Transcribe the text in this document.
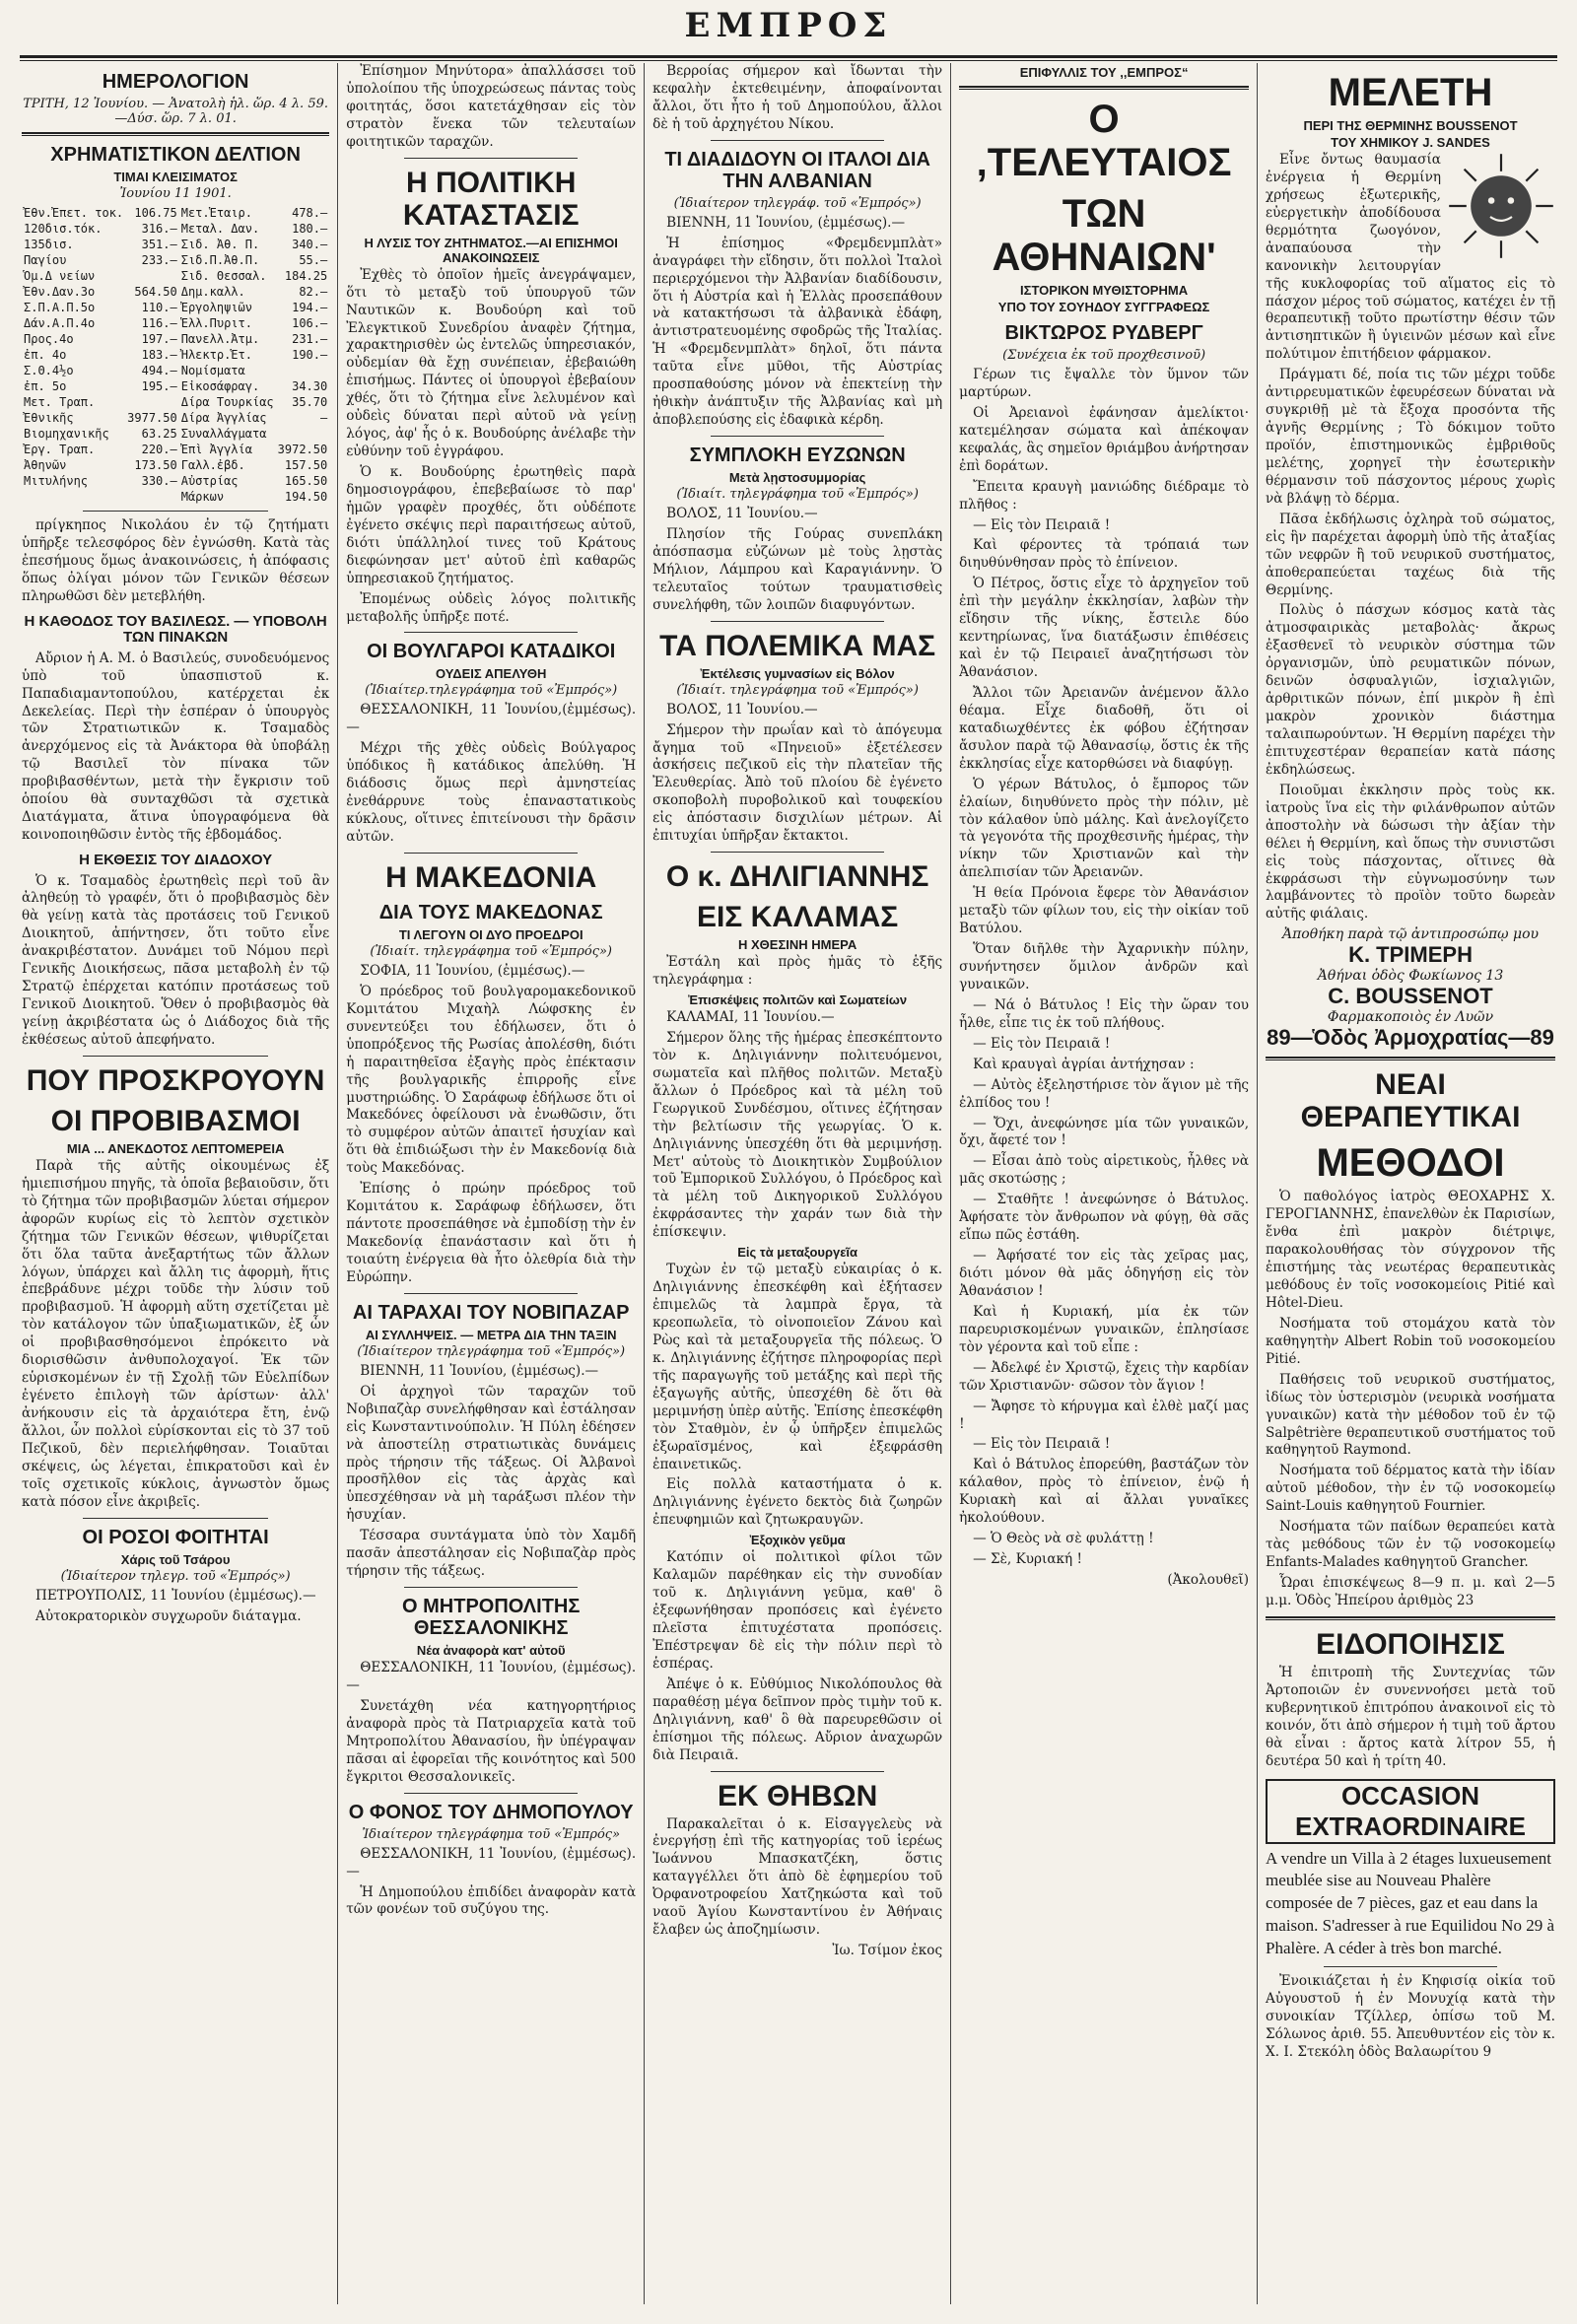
ΕΜΠΡΟΣ
ΗΜΕΡΟΛΟΓΙΟΝ
ΤΡΙΤΗ, 12 Ἰουνίου. — Ἀνατολὴ ἡλ. ὥρ. 4 λ. 59.—Δύσ. ὥρ. 7 λ. 01.
ΧΡΗΜΑΤΙΣΤΙΚΟΝ ΔΕΛΤΙΟΝ
ΤΙΜΑΙ ΚΛΕΙΣΙΜΑΤΟΣ
Ἰουνίου 11 1901.
Ἐθν.Ἐπετ. τοκ.	106.75	Μετ.Ἑταιρ.	478.—
120δισ.τόκ.	316.—	Μεταλ. Δαν.	180.—
135δισ.	351.—	Σιδ. Ἀθ. Π.	340.—
Παγίου	233.—	Σιδ.Π.Ἀθ.Π.	55.—
Ὁμ.Δ νείων		Σιδ. Θεσσαλ.	184.25
Ἐθν.Δαν.3ο	564.50	Δημ.καλλ.	82.—
Σ.Π.Α.Π.5ο	110.—	Ἐργοληψιῶν	194.—
Δάν.Α.Π.4ο	116.—	Ἑλλ.Πυριτ.	106.—
Προς.4ο	197.—	Πανελλ.Ἀτμ.	231.—
ἐπ. 4ο	183.—	Ἠλεκτρ.Ἑτ.	190.—
Σ.Θ.4½ο	494.—	Νομίσματα	
ἐπ. 5ο	195.—	Εἰκοσάφραγ.	34.30
Μετ. Τραπ.		Δίρα Τουρκίας	35.70
Ἐθνικῆς	3977.50	Δίρα Ἀγγλίας	—
Βιομηχανικῆς	63.25	Συναλλάγματα	
Ἐργ. Τραπ.	220.—	Ἐπὶ Ἀγγλία	3972.50
Ἀθηνῶν	173.50	Γαλλ.ἐβδ.	157.50
Μιτυλήνης	330.—	Αὐστρίας	165.50
		Μάρκων	194.50

πρίγκηπος Νικολάου ἐν τῷ ζητήματι ὑπῆρξε τελεσφόρος δὲν ἐγνώσθη. Κατὰ τὰς ἐπεσήμους ὅμως ἀνακοινώσεις, ἡ ἀπόφασις ὅπως ὀλίγαι μόνον τῶν Γενικῶν θέσεων πληρωθῶσι δὲν μετεβλήθη.

Η ΚΑΘΟΔΟΣ ΤΟΥ ΒΑΣΙΛΕΩΣ. — ΥΠΟΒΟΛΗ ΤΩΝ ΠΙΝΑΚΩΝ

Αὔριον ἡ Α. Μ. ὁ Βασιλεύς, συνοδευόμενος ὑπὸ τοῦ ὑπασπιστοῦ κ. Παπαδιαμαντοπούλου, κατέρχεται ἐκ Δεκελείας. Περὶ τὴν ἑσπέραν ὁ ὑπουργὸς τῶν Στρατιωτικῶν κ. Τσαμαδὸς ἀνερχόμενος εἰς τὰ Ἀνάκτορα θὰ ὑποβάλῃ τῷ Βασιλεῖ τὸν πίνακα τῶν προβιβασθέντων, μετὰ τὴν ἔγκρισιν τοῦ ὁποίου θὰ συνταχθῶσι τὰ σχετικὰ Διατάγματα, ἅτινα ὑπογραφόμενα θὰ κοινοποιηθῶσιν ἐντὸς τῆς ἑβδομάδος.

Η ΕΚΘΕΣΙΣ ΤΟΥ ΔΙΑΔΟΧΟΥ

Ὁ κ. Τσαμαδὸς ἐρωτηθεὶς περὶ τοῦ ἂν ἀληθεύῃ τὸ γραφέν, ὅτι ὁ προβιβασμὸς δὲν θὰ γείνῃ κατὰ τὰς προτάσεις τοῦ Γενικοῦ Διοικητοῦ, ἀπήντησεν, ὅτι τοῦτο εἶνε ἀνακριβέστατον. Δυνάμει τοῦ Νόμου περὶ Γενικῆς Διοικήσεως, πᾶσα μεταβολὴ ἐν τῷ Στρατῷ ἐπέρχεται κατόπιν προτάσεως τοῦ Γενικοῦ Διοικητοῦ. Ὅθεν ὁ προβιβασμὸς θὰ γείνῃ ἀκριβέστατα ὡς ὁ Διάδοχος διὰ τῆς ἐκθέσεως αὐτοῦ ἀπεφήνατο.

ΠΟΥ ΠΡΟΣΚΡΟΥΟΥΝ
ΟΙ ΠΡΟΒΙΒΑΣΜΟΙ
ΜΙΑ ... ΑΝΕΚΔΟΤΟΣ ΛΕΠΤΟΜΕΡΕΙΑ

Παρὰ τῆς αὐτῆς οἰκουμένως ἐξ ἡμιεπισήμου πηγῆς, τὰ ὁποῖα βεβαιοῦσιν, ὅτι τὸ ζήτημα τῶν προβιβασμῶν λύεται σήμερον ἀφορῶν κυρίως εἰς τὸ λεπτὸν σχετικὸν ζήτημα τῶν Γενικῶν θέσεων, ψιθυρίζεται ὅτι ὅλα ταῦτα ἀνεξαρτήτως τῶν ἄλλων λόγων, ὑπάρχει καὶ ἄλλη τις ἀφορμὴ, ἥτις ἐπεβράδυνε μέχρι τοῦδε τὴν λύσιν τοῦ προβιβασμοῦ. Ἡ ἀφορμὴ αὕτη σχετίζεται μὲ τὸν κατάλογον τῶν ὑπαξιωματικῶν, ἐξ ὧν οἱ προβιβασθησόμενοι ἐπρόκειτο νὰ διορισθῶσιν ἀνθυπολοχαγοί. Ἐκ τῶν εὑρισκομένων ἐν τῇ Σχολῇ τῶν Εὐελπίδων ἐγένετο ἐπιλογὴ τῶν ἀρίστων· ἀλλ' ἀνήκουσιν εἰς τὰ ἀρχαιότερα ἔτη, ἐνῷ ἄλλοι, ὧν πολλοὶ εὑρίσκονται εἰς τὸ 37 τοῦ Πεζικοῦ, δὲν περιελήφθησαν. Τοιαῦται σκέψεις, ὡς λέγεται, ἐπικρατοῦσι καὶ ἐν τοῖς σχετικοῖς κύκλοις, ἀγνωστὸν ὅμως κατὰ πόσον εἶνε ἀκριβεῖς.

ΟΙ ΡΟΣΟΙ ΦΟΙΤΗΤΑΙ
Χάρις τοῦ Τσάρου
(Ἰδιαίτερον τηλεγρ. τοῦ «Ἐμπρός»)

ΠΕΤΡΟΥΠΟΛΙΣ, 11 Ἰουνίου (ἐμμέσως).—

Αὐτοκρατορικὸν συγχωροῦν διάταγμα.

Ἐπίσημον Μηνύτορα» ἀπαλλάσσει τοῦ ὑπολοίπου τῆς ὑποχρεώσεως πάντας τοὺς φοιτητάς, ὅσοι κατετάχθησαν εἰς τὸν στρατὸν ἕνεκα τῶν τελευταίων φοιτητικῶν ταραχῶν.

Η ΠΟΛΙΤΙΚΗ ΚΑΤΑΣΤΑΣΙΣ
Η ΛΥΣΙΣ ΤΟΥ ΖΗΤΗΜΑΤΟΣ.—ΑΙ ΕΠΙΣΗΜΟΙ ΑΝΑΚΟΙΝΩΣΕΙΣ

Ἐχθὲς τὸ ὁποῖον ἡμεῖς ἀνεγράψαμεν, ὅτι τὸ μεταξὺ τοῦ ὑπουργοῦ τῶν Ναυτικῶν κ. Βουδούρη καὶ τοῦ Ἐλεγκτικοῦ Συνεδρίου ἀναφὲν ζήτημα, χαρακτηρισθὲν ὡς ἐντελῶς ὑπηρεσιακόν, οὐδεμίαν θὰ ἔχῃ συνέπειαν, ἐβεβαιώθη ἐπισήμως. Πάντες οἱ ὑπουργοὶ ἐβεβαίουν χθές, ὅτι τὸ ζήτημα εἶνε λελυμένον καὶ οὐδεὶς δύναται περὶ αὐτοῦ νὰ γείνῃ λόγος, ἀφ' ἧς ὁ κ. Βουδούρης ἀνέλαβε τὴν εὐθύνην τοῦ ἐγγράφου.

Ὁ κ. Βουδούρης ἐρωτηθεὶς παρὰ δημοσιογράφου, ἐπεβεβαίωσε τὸ παρ' ἡμῶν γραφὲν προχθές, ὅτι οὐδέποτε ἐγένετο σκέψις περὶ παραιτήσεως αὐτοῦ, διότι ὑπάλληλοί τινες τοῦ Κράτους διεφώνησαν μετ' αὐτοῦ ἐπὶ καθαρῶς ὑπηρεσιακοῦ ζητήματος.

Ἐπομένως οὐδεὶς λόγος πολιτικῆς μεταβολῆς ὑπῆρξε ποτέ.

ΟΙ ΒΟΥΛΓΑΡΟΙ ΚΑΤΑΔΙΚΟΙ
ΟΥΔΕΙΣ ΑΠΕΛΥΘΗ
(Ἰδιαίτερ.τηλεγράφημα τοῦ «Ἐμπρός»)

ΘΕΣΣΑΛΟΝΙΚΗ, 11 Ἰουνίου,(ἐμμέσως).—

Μέχρι τῆς χθὲς οὐδεὶς Βούλγαρος ὑπόδικος ἢ κατάδικος ἀπελύθη. Ἡ διάδοσις ὅμως περὶ ἀμνηστείας ἐνεθάρρυνε τοὺς ἐπαναστατικοὺς κύκλους, οἵτινες ἐπιτείνουσι τὴν δρᾶσιν αὐτῶν.

Η ΜΑΚΕΔΟΝΙΑ
ΔΙΑ ΤΟΥΣ ΜΑΚΕΔΟΝΑΣ
ΤΙ ΛΕΓΟΥΝ ΟΙ ΔΥΟ ΠΡΟΕΔΡΟΙ
(Ἰδιαίτ. τηλεγράφημα τοῦ «Ἐμπρός»)

ΣΟΦΙΑ, 11 Ἰουνίου, (ἐμμέσως).—

Ὁ πρόεδρος τοῦ βουλγαρομακεδονικοῦ Κομιτάτου Μιχαὴλ Λώφσκης ἐν συνεντεύξει του ἐδήλωσεν, ὅτι ὁ ὑποπρόξενος τῆς Ρωσίας ἀπολέσθη, διότι ἡ παραιτηθεῖσα ἐξαγὴς πρὸς ἐπέκτασιν τῆς βουλγαρικῆς ἐπιρροῆς εἶνε μυστηριώδης. Ὁ Σαράφωφ ἐδήλωσε ὅτι οἱ Μακεδόνες ὀφείλουσι νὰ ἐνωθῶσιν, ὅτι τὸ συμφέρον αὐτῶν ἀπαιτεῖ ἡσυχίαν καὶ ὅτι θὰ ἐπιδιώξωσι τὴν ἐν Μακεδονίᾳ διὰ τοὺς Μακεδόνας.

Ἐπίσης ὁ πρώην πρόεδρος τοῦ Κομιτάτου κ. Σαράφωφ ἐδήλωσεν, ὅτι πάντοτε προσεπάθησε νὰ ἐμποδίσῃ τὴν ἐν Μακεδονίᾳ ἐπανάστασιν καὶ ὅτι ἡ τοιαύτη ἐνέργεια θὰ ἦτο ὀλεθρία διὰ τὴν Εὐρώπην.

ΑΙ ΤΑΡΑΧΑΙ ΤΟΥ ΝΟΒΙΠΑΖΑΡ
ΑΙ ΣΥΛΛΗΨΕΙΣ. — ΜΕΤΡΑ ΔΙΑ ΤΗΝ ΤΑΞΙΝ
(Ἰδιαίτερον τηλεγράφημα τοῦ «Ἐμπρός»)

ΒΙΕΝΝΗ, 11 Ἰουνίου, (ἐμμέσως).—

Οἱ ἀρχηγοὶ τῶν ταραχῶν τοῦ Νοβιπαζὰρ συνελήφθησαν καὶ ἐστάλησαν εἰς Κωνσταντινούπολιν. Ἡ Πύλη ἐδέησεν νὰ ἀποστείλῃ στρατιωτικὰς δυνάμεις πρὸς τήρησιν τῆς τάξεως. Οἱ Ἀλβανοὶ προσῆλθον εἰς τὰς ἀρχὰς καὶ ὑπεσχέθησαν νὰ μὴ ταράξωσι πλέον τὴν ἡσυχίαν.

Τέσσαρα συντάγματα ὑπὸ τὸν Χαμδῆ πασᾶν ἀπεστάλησαν εἰς Νοβιπαζὰρ πρὸς τήρησιν τῆς τάξεως.

Ο ΜΗΤΡΟΠΟΛΙΤΗΣ ΘΕΣΣΑΛΟΝΙΚΗΣ
Νέα ἀναφορὰ κατ' αὐτοῦ

ΘΕΣΣΑΛΟΝΙΚΗ, 11 Ἰουνίου, (ἐμμέσως).—

Συνετάχθη νέα κατηγορητήριος ἀναφορὰ πρὸς τὰ Πατριαρχεῖα κατὰ τοῦ Μητροπολίτου Ἀθανασίου, ἣν ὑπέγραψαν πᾶσαι αἱ ἐφορεῖαι τῆς κοινότητος καὶ 500 ἔγκριτοι Θεσσαλονικεῖς.

Ο ΦΟΝΟΣ ΤΟΥ ΔΗΜΟΠΟΥΛΟΥ
Ἰδιαίτερον τηλεγράφημα τοῦ «Ἐμπρός»

ΘΕΣΣΑΛΟΝΙΚΗ, 11 Ἰουνίου, (ἐμμέσως).—

Ἡ Δημοπούλου ἐπιδίδει ἀναφορὰν κατὰ τῶν φονέων τοῦ συζύγου της.

Βερροίας σήμερον καὶ ἴδωνται τὴν κεφαλὴν ἐκτεθειμένην, ἀποφαίνονται ἄλλοι, ὅτι ἦτο ἡ τοῦ Δημοπούλου, ἄλλοι δὲ ἡ τοῦ ἀρχηγέτου Νίκου.

ΤΙ ΔΙΑΔΙΔΟΥΝ ΟΙ ΙΤΑΛΟΙ ΔΙΑ ΤΗΝ ΑΛΒΑΝΙΑΝ
(Ἰδιαίτερον τηλεγράφ. τοῦ «Ἐμπρός»)

ΒΙΕΝΝΗ, 11 Ἰουνίου, (ἐμμέσως).—

Ἡ ἐπίσημος «Φρεμδενμπλὰτ» ἀναγράφει τὴν εἴδησιν, ὅτι πολλοὶ Ἰταλοὶ περιερχόμενοι τὴν Ἀλβανίαν διαδίδουσιν, ὅτι ἡ Αὐστρία καὶ ἡ Ἑλλὰς προσεπάθουν νὰ κατακτήσωσι τὰ ἀλβανικὰ ἐδάφη, ἀντιστρατευομένης σφοδρῶς τῆς Ἰταλίας. Ἡ «Φρεμδενμπλὰτ» δηλοῖ, ὅτι πάντα ταῦτα εἶνε μῦθοι, τῆς Αὐστρίας προσπαθούσης μόνον νὰ ἐπεκτείνῃ τὴν ἠθικὴν ἀνάπτυξιν τῆς Ἀλβανίας καὶ μὴ ἀποβλεπούσης εἰς ἐδαφικὰ κέρδη.

ΣΥΜΠΛΟΚΗ ΕΥΖΩΝΩΝ
Μετὰ λῃστοσυμμορίας
(Ἰδιαίτ. τηλεγράφημα τοῦ «Ἐμπρός»)

ΒΟΛΟΣ, 11 Ἰουνίου.—

Πλησίον τῆς Γούρας συνεπλάκη ἀπόσπασμα εὐζώνων μὲ τοὺς λῃστὰς Μήλιον, Λάμπρου καὶ Καραγιάννην. Ὁ τελευταῖος τούτων τραυματισθεὶς συνελήφθη, τῶν λοιπῶν διαφυγόντων.

ΤΑ ΠΟΛΕΜΙΚΑ ΜΑΣ
Ἐκτέλεσις γυμνασίων εἰς Βόλον
(Ἰδιαίτ. τηλεγράφημα τοῦ «Ἐμπρός»)

ΒΟΛΟΣ, 11 Ἰουνίου.—

Σήμερον τὴν πρωΐαν καὶ τὸ ἀπόγευμα ἄγημα τοῦ «Πηνειοῦ» ἐξετέλεσεν ἀσκήσεις πεζικοῦ εἰς τὴν πλατεῖαν τῆς Ἐλευθερίας. Ἀπὸ τοῦ πλοίου δὲ ἐγένετο σκοποβολὴ πυροβολικοῦ καὶ τουφεκίου εἰς ἀπόστασιν δισχιλίων μέτρων. Αἱ ἐπιτυχίαι ὑπῆρξαν ἔκτακτοι.

Ο κ. ΔΗΛΙΓΙΑΝΝΗΣ
ΕΙΣ ΚΑΛΑΜΑΣ
Η ΧΘΕΣΙΝΗ ΗΜΕΡΑ

Ἐστάλη καὶ πρὸς ἡμᾶς τὸ ἑξῆς τηλεγράφημα :

Ἐπισκέψεις πολιτῶν καὶ Σωματείων

ΚΑΛΑΜΑΙ, 11 Ἰουνίου.—

Σήμερον ὅλης τῆς ἡμέρας ἐπεσκέπτοντο τὸν κ. Δηλιγιάννην πολιτευόμενοι, σωματεῖα καὶ πλῆθος πολιτῶν. Μεταξὺ ἄλλων ὁ Πρόεδρος καὶ τὰ μέλη τοῦ Γεωργικοῦ Συνδέσμου, οἵτινες ἐζήτησαν τὴν βελτίωσιν τῆς γεωργίας. Ὁ κ. Δηλιγιάννης ὑπεσχέθη ὅτι θὰ μεριμνήσῃ. Μετ' αὐτοὺς τὸ Διοικητικὸν Συμβούλιον τοῦ Ἐμπορικοῦ Συλλόγου, ὁ Πρόεδρος καὶ τὰ μέλη τοῦ Δικηγορικοῦ Συλλόγου ἐκφράσαντες τὴν χαράν των διὰ τὴν ἐπίσκεψιν.

Εἰς τὰ μεταξουργεῖα

Τυχὼν ἐν τῷ μεταξὺ εὐκαιρίας ὁ κ. Δηλιγιάννης ἐπεσκέφθη καὶ ἐξήτασεν ἐπιμελῶς τὰ λαμπρὰ ἔργα, τὰ κρεοπωλεῖα, τὸ οἰνοποιεῖον Ζάνου καὶ Ρὼς καὶ τὰ μεταξουργεῖα τῆς πόλεως. Ὁ κ. Δηλιγιάννης ἐζήτησε πληροφορίας περὶ τῆς παραγωγῆς τοῦ μετάξης καὶ περὶ τῆς ἐξαγωγῆς αὐτῆς, ὑπεσχέθη δὲ ὅτι θὰ μεριμνήσῃ ὑπὲρ αὐτῆς. Ἐπίσης ἐπεσκέφθη τὸν Σταθμὸν, ἐν ᾧ ὑπῆρξεν ἐπιμελῶς ἐξωραϊσμένος, καὶ ἐξεφράσθη ἐπαινετικῶς.

Εἰς πολλὰ καταστήματα ὁ κ. Δηλιγιάννης ἐγένετο δεκτὸς διὰ ζωηρῶν ἐπευφημιῶν καὶ ζητωκραυγῶν.

Ἐξοχικὸν γεῦμα

Κατόπιν οἱ πολιτικοὶ φίλοι τῶν Καλαμῶν παρέθηκαν εἰς τὴν συνοδίαν τοῦ κ. Δηλιγιάννη γεῦμα, καθ' ὃ ἐξεφωνήθησαν προπόσεις καὶ ἐγένετο πλεῖστα ἐπιτυχέστατα προπόσεις. Ἐπέστρεψαν δὲ εἰς τὴν πόλιν περὶ τὸ ἑσπέρας.

Ἀπέψε ὁ κ. Εὐθύμιος Νικολόπουλος θὰ παραθέσῃ μέγα δεῖπνον πρὸς τιμὴν τοῦ κ. Δηλιγιάννη, καθ' ὃ θὰ παρευρεθῶσιν οἱ ἐπίσημοι τῆς πόλεως. Αὔριον ἀναχωρῶν διὰ Πειραιᾶ.

ΕΚ ΘΗΒΩΝ

Παρακαλεῖται ὁ κ. Εἰσαγγελεὺς νὰ ἐνεργήσῃ ἐπὶ τῆς κατηγορίας τοῦ ἱερέως Ἰωάννου Μπασκατζέκη, ὅστις καταγγέλλει ὅτι ἀπὸ δὲ ἐφημερίου τοῦ Ὀρφανοτροφείου Χατζηκώστα καὶ τοῦ ναοῦ Ἁγίου Κωνσταντίνου ἐν Ἀθήναις ἔλαβεν ὡς ἀποζημίωσιν.

Ἰω. Τσίμον ἐκος

ΕΠΙΦΥΛΛΙΣ ΤΟΥ ,,ΕΜΠΡΟΣ“
Ο ,ΤΕΛΕΥΤΑΙΟΣ
ΤΩΝ ΑΘΗΝΑΙΩΝ'
ΙΣΤΟΡΙΚΟΝ ΜΥΘΙΣΤΟΡΗΜΑ
ΥΠΟ ΤΟΥ ΣΟΥΗΔΟΥ ΣΥΓΓΡΑΦΕΩΣ
ΒΙΚΤΩΡΟΣ ΡΥΔΒΕΡΓ
(Συνέχεια ἐκ τοῦ προχθεσινοῦ)

Γέρων τις ἔψαλλε τὸν ὕμνον τῶν μαρτύρων.

Οἱ Ἀρειανοὶ ἐφάνησαν ἀμελίκτοι· κατεμέλησαν σώματα καὶ ἀπέκοψαν κεφαλάς, ἃς σημεῖον θριάμβου ἀνήρτησαν ἐπὶ δοράτων.

Ἔπειτα κραυγὴ μανιώδης διέδραμε τὸ πλῆθος :

— Εἰς τὸν Πειραιᾶ !

Καὶ φέροντες τὰ τρόπαιά των διηυθύνθησαν πρὸς τὸ ἐπίνειον.

Ὁ Πέτρος, ὅστις εἶχε τὸ ἀρχηγεῖον τοῦ ἐπὶ τὴν μεγάλην ἐκκλησίαν, λαβὼν τὴν εἴδησιν τῆς νίκης, ἔστειλε δύο κεντηρίωνας, ἵνα διατάξωσιν ἐπιθέσεις καὶ ἐν τῷ Πειραιεῖ ἀναζητήσωσι τὸν Ἀθανάσιον.

Ἄλλοι τῶν Ἀρειανῶν ἀνέμενον ἄλλο θέαμα. Εἶχε διαδοθῆ, ὅτι οἱ καταδιωχθέντες ἐκ φόβου ἐζήτησαν ἄσυλον παρὰ τῷ Ἀθανασίῳ, ὅστις ἐκ τῆς ἐκκλησίας εἶχε κατορθώσει νὰ διαφύγῃ.

Ὁ γέρων Βάτυλος, ὁ ἔμπορος τῶν ἐλαίων, διηυθύνετο πρὸς τὴν πόλιν, μὲ τὸν κάλαθον ὑπὸ μάλης. Καὶ ἀνελογίζετο τὰ γεγονότα τῆς προχθεσινῆς ἡμέρας, τὴν νίκην τῶν Χριστιανῶν καὶ τὴν ἀπελπισίαν τῶν Ἀρειανῶν.

Ἡ θεία Πρόνοια ἔφερε τὸν Ἀθανάσιον μεταξὺ τῶν φίλων του, εἰς τὴν οἰκίαν τοῦ Βατύλου.

Ὅταν διῆλθε τὴν Ἀχαρνικὴν πύλην, συνήντησεν ὅμιλον ἀνδρῶν καὶ γυναικῶν.

— Νά ὁ Βάτυλος ! Εἰς τὴν ὥραν του ἦλθε, εἶπε τις ἐκ τοῦ πλήθους.

— Εἰς τὸν Πειραιᾶ !

Καὶ κραυγαὶ ἀγρίαι ἀντήχησαν :

— Αὐτὸς ἐξεληστήρισε τὸν ἅγιον μὲ τῆς ἐλπίδος του !

— Ὄχι, ἀνεφώνησε μία τῶν γυναικῶν, ὄχι, ἄφετέ τον !

— Εἶσαι ἀπὸ τοὺς αἱρετικοὺς, ἦλθες νὰ μᾶς σκοτώσῃς ;

— Σταθῆτε ! ἀνεφώνησε ὁ Βάτυλος. Ἀφήσατε τὸν ἄνθρωπον νὰ φύγῃ, θὰ σᾶς εἴπω πῶς ἐστάθη.

— Ἀφήσατέ τον εἰς τὰς χεῖρας μας, διότι μόνον θὰ μᾶς ὁδηγήσῃ εἰς τὸν Ἀθανάσιον !

Καὶ ἡ Κυριακή, μία ἐκ τῶν παρευρισκομένων γυναικῶν, ἐπλησίασε τὸν γέροντα καὶ τοῦ εἶπε :

— Ἀδελφέ ἐν Χριστῷ, ἔχεις τὴν καρδίαν τῶν Χριστιανῶν· σῶσον τὸν ἅγιον !

— Ἄφησε τὸ κήρυγμα καὶ ἐλθὲ μαζί μας !

— Εἰς τὸν Πειραιᾶ !

Καὶ ὁ Βάτυλος ἐπορεύθη, βαστάζων τὸν κάλαθον, πρὸς τὸ ἐπίνειον, ἐνῷ ἡ Κυριακὴ καὶ αἱ ἄλλαι γυναῖκες ἠκολούθουν.

— Ὁ Θεὸς νὰ σὲ φυλάττῃ !

— Σὲ, Κυριακή !

(Ἀκολουθεῖ)

ΜΕΛΕΤΗ
ΠΕΡΙ ΤΗΣ ΘΕΡΜΙΝΗΣ BOUSSENOT
ΤΟΥ ΧΗΜΙΚΟΥ J. SANDES

Εἶνε ὄντως θαυμασία ἐνέργεια ἡ Θερμίνη χρήσεως ἐξωτερικῆς, εὐεργετικὴν ἀποδίδουσα θερμότητα ζωογόνον, ἀναπαύουσα τὴν κανονικὴν λειτουργίαν τῆς κυκλοφορίας τοῦ αἵματος εἰς τὸ πάσχον μέρος τοῦ σώματος, κατέχει ἐν τῇ θεραπευτικῇ τοῦτο πρωτίστην θέσιν τῶν ἀντισηπτικῶν ἢ ὑγιεινῶν μέσων καὶ εἶνε πολύτιμον ἐπιτήδειον φάρμακον.

Πράγματι δέ, ποία τις τῶν μέχρι τοῦδε ἀντιρρευματικῶν ἐφευρέσεων δύναται νὰ συγκριθῇ μὲ τὰ ἔξοχα προσόντα τῆς ἀγνῆς Θερμίνης ; Τὸ δόκιμον τοῦτο προϊόν, ἐπιστημονικῶς ἐμβριθοῦς μελέτης, χορηγεῖ τὴν ἐσωτερικὴν θέρμανσιν τοῦ πάσχοντος μέρους χωρὶς νὰ βλάψῃ τὸ δέρμα.

Πᾶσα ἐκδήλωσις ὀχληρὰ τοῦ σώματος, εἰς ἣν παρέχεται ἀφορμὴ ὑπὸ τῆς ἀταξίας τῶν νεφρῶν ἢ τοῦ νευρικοῦ συστήματος, ἀποθεραπεύεται ταχέως διὰ τῆς Θερμίνης.

Πολὺς ὁ πάσχων κόσμος κατὰ τὰς ἀτμοσφαιρικὰς μεταβολὰς· ἄκρως ἐξασθενεῖ τὸ νευρικὸν σύστημα τῶν ὀργανισμῶν, ὑπὸ ρευματικῶν πόνων, δεινῶν ὀσφυαλγιῶν, ἰσχιαλγιῶν, ἀρθριτικῶν πόνων, ἐπί μικρὸν ἢ ἐπὶ μακρὸν χρονικὸν διάστημα ταλαιπωρούντων. Ἡ Θερμίνη παρέχει τὴν ἐπιτυχεστέραν θεραπείαν κατὰ πάσης ἐκδηλώσεως.

Ποιοῦμαι ἐκκλησιν πρὸς τοὺς κκ. ἰατροὺς ἵνα εἰς τὴν φιλάνθρωπον αὐτῶν ἀποστολὴν νὰ δώσωσι τὴν ἀξίαν τὴν θέλει ἡ Θερμίνη, καὶ ὅπως τὴν συνιστῶσι εἰς τοὺς πάσχοντας, οἵτινες θὰ ἐκφράσωσι τὴν εὐγνωμοσύνην των λαμβάνοντες τὸ προϊὸν τοῦτο δωρεὰν αὐτῆς φιάλαις.

Ἀποθήκη παρὰ τῷ ἀντιπροσώπῳ μου
Κ. ΤΡΙΜΕΡΗ
Ἀθήναι ὁδὸς Φωκίωνος 13
C. BOUSSENOT
Φαρμακοποιὸς ἐν Λυῶν
89—Ὁδὸς Ἀρμοχρατίας—89
ΝΕΑΙ ΘΕΡΑΠΕΥΤΙΚΑΙ
ΜΕΘΟΔΟΙ

Ὁ παθολόγος ἰατρὸς ΘΕΟΧΑΡΗΣ Χ. ΓΕΡΟΓΙΑΝΝΗΣ, ἐπανελθὼν ἐκ Παρισίων, ἔνθα ἐπὶ μακρὸν διέτριψε, παρακολουθήσας τὸν σύγχρονον τῆς ἐπιστήμης τὰς νεωτέρας θεραπευτικὰς μεθόδους ἐν τοῖς νοσοκομείοις Pitié καὶ Hôtel-Dieu.

Νοσήματα τοῦ στομάχου κατὰ τὸν καθηγητὴν Albert Robin τοῦ νοσοκομείου Pitié.

Παθήσεις τοῦ νευρικοῦ συστήματος, ἰδίως τὸν ὑστερισμὸν (νευρικὰ νοσήματα γυναικῶν) κατὰ τὴν μέθοδον τοῦ ἐν τῷ Salpêtrière θεραπευτικοῦ συστήματος τοῦ καθηγητοῦ Raymond.

Νοσήματα τοῦ δέρματος κατὰ τὴν ἰδίαν αὐτοῦ μέθοδον, τὴν ἐν τῷ νοσοκομείῳ Saint-Louis καθηγητοῦ Fournier.

Νοσήματα τῶν παίδων θεραπεύει κατὰ τὰς μεθόδους τῶν ἐν τῷ νοσοκομείῳ Enfants-Malades καθηγητοῦ Grancher.

Ὧραι ἐπισκέψεως 8—9 π. μ. καὶ 2—5 μ.μ. Ὁδὸς Ἠπείρου ἀριθμὸς 23

ΕΙΔΟΠΟΙΗΣΙΣ

Ἡ ἐπιτροπὴ τῆς Συντεχνίας τῶν Ἀρτοποιῶν ἐν συνεννοήσει μετὰ τοῦ κυβερνητικοῦ ἐπιτρόπου ἀνακοινοῖ εἰς τὸ κοινόν, ὅτι ἀπὸ σήμερον ἡ τιμὴ τοῦ ἄρτου θὰ εἶναι : ἄρτος κατὰ λίτρον 55, ἡ δευτέρα 50 καὶ ἡ τρίτη 40.

OCCASION EXTRAORDINAIRE

A vendre un Villa à 2 étages luxueusement meublée sise au Nouveau Phalère composée de 7 pièces, gaz et eau dans la maison. S'adresser à rue Equilidou No 29 à Phalère. A céder à très bon marché.

Ἐνοικιάζεται ἡ ἐν Κηφισίᾳ οἰκία τοῦ Αὐγουστοῦ ἡ ἐν Μονυχίᾳ κατὰ τὴν συνοικίαν Τζίλλερ, ὁπίσω τοῦ Μ. Σόλωνος ἀριθ. 55. Ἀπευθυντέον εἰς τὸν κ. Χ. Ι. Στεκόλη ὁδὸς Βαλαωρίτου 9
